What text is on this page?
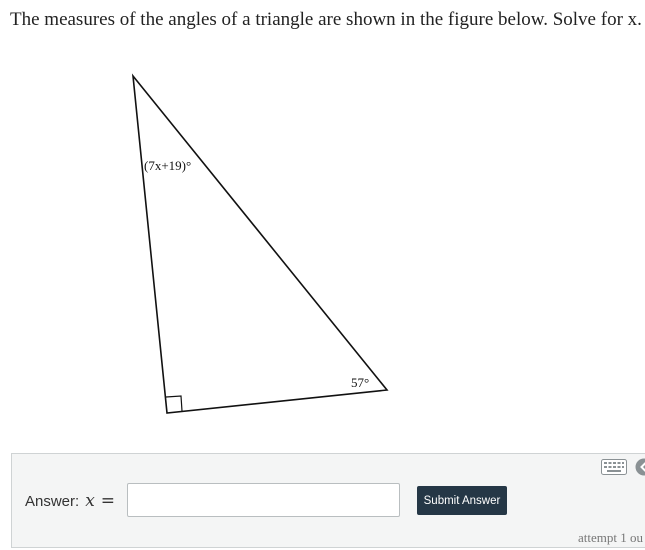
The measures of the angles of a triangle are shown in the figure below. Solve for x.
(7x+19)°
57°
Answer: x =	Submit Answer
attempt 1 ou
